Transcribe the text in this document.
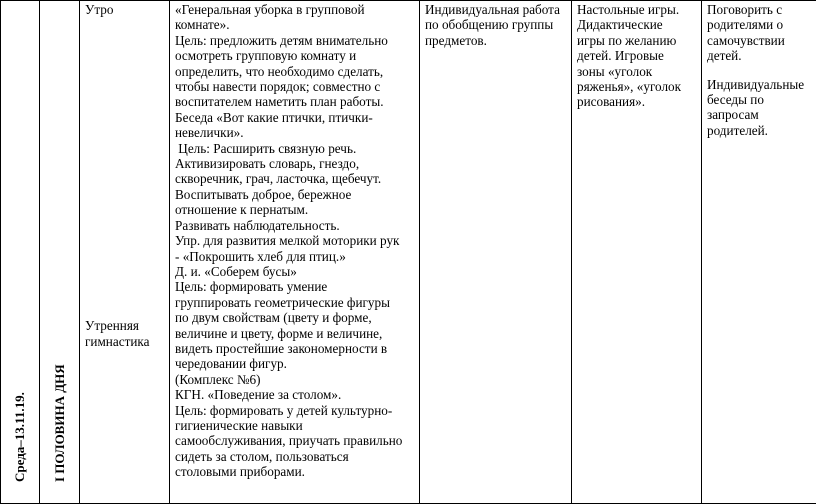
Среда–13.11.19.	I ПОЛОВИНА ДНЯ

Утро
Утренняя
гимнастика

«Генеральная уборка в групповой
комнате».
Цель: предложить детям внимательно
осмотреть групповую комнату и
определить, что необходимо сделать,
чтобы навести порядок; совместно с
воспитателем наметить план работы.
Беседа «Вот какие птички, птички-
невелички».
Цель: Расширить связную речь.
Активизировать словарь, гнездо,
скворечник, грач, ласточка, щебечут.
Воспитывать доброе, бережное
отношение к пернатым.
Развивать наблюдательность.
Упр. для развития мелкой моторики рук
- «Покрошить хлеб для птиц.»
Д. и. «Соберем бусы»
Цель: формировать умение
группировать геометрические фигуры
по двум свойствам (цвету и форме,
величине и цвету, форме и величине,
видеть простейшие закономерности в
чередовании фигур.
(Комплекс №6)
КГН. «Поведение за столом».
Цель: формировать у детей культурно-
гигиенические навыки
самообслуживания, приучать правильно
сидеть за столом, пользоваться
столовыми приборами.

Индивидуальная работа
по обобщению группы
предметов.

Настольные игры.
Дидактические
игры по желанию
детей. Игровые
зоны «уголок
ряженья», «уголок
рисования».

Поговорить с
родителями о
самочувствии
детей.
Индивидуальные
беседы по
запросам
родителей.
